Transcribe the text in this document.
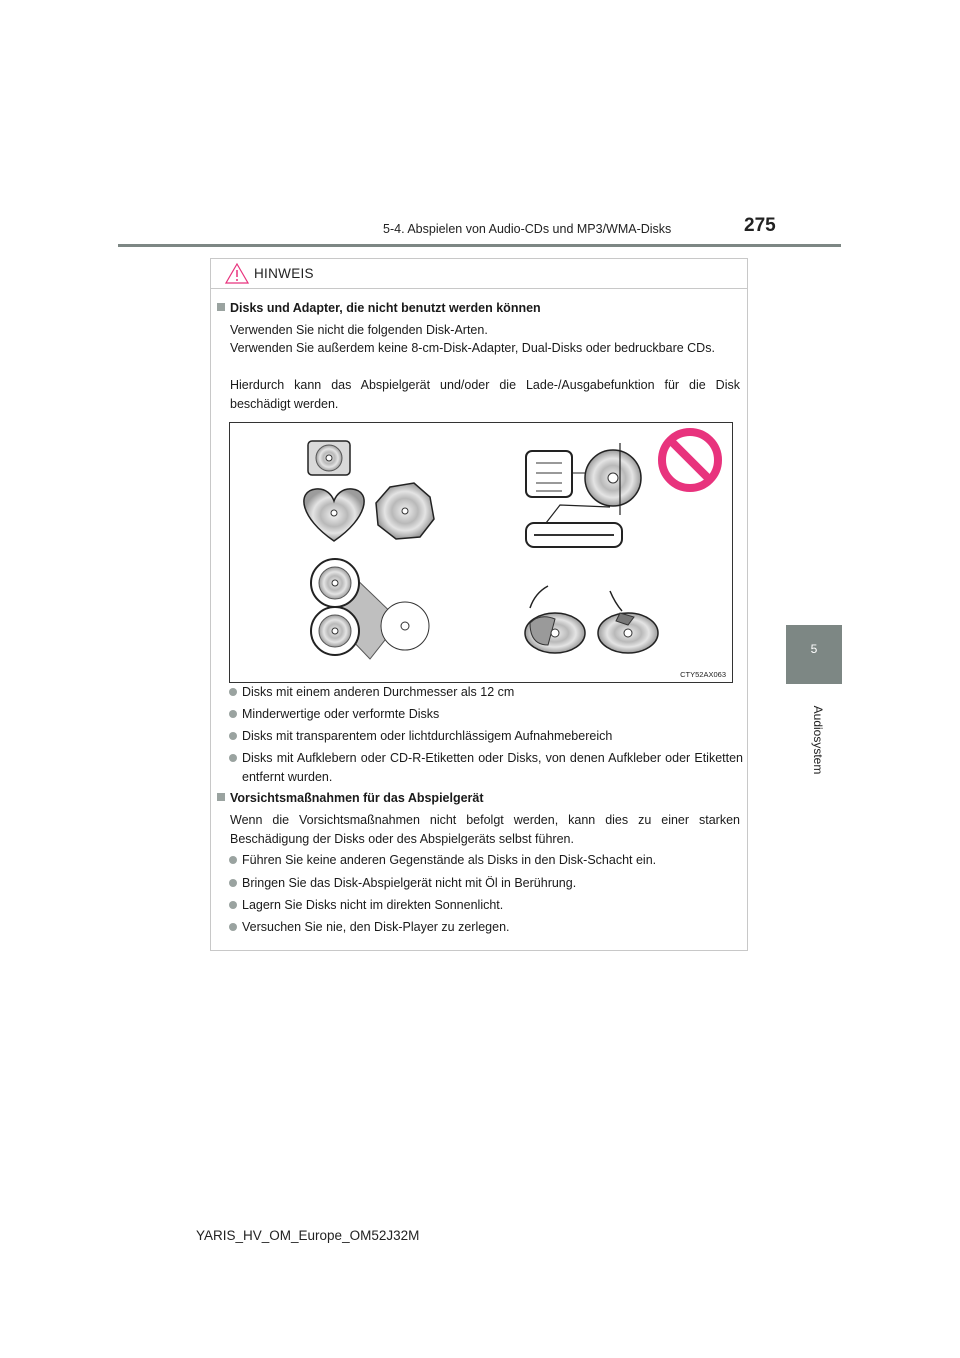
5-4. Abspielen von Audio-CDs und MP3/WMA-Disks	275
5
Audiosystem
HINWEIS
Disks und Adapter, die nicht benutzt werden können
Verwenden Sie nicht die folgenden Disk-Arten.
Verwenden Sie außerdem keine 8-cm-Disk-Adapter, Dual-Disks oder bedruckbare CDs.
Hierdurch kann das Abspielgerät und/oder die Lade-/Ausgabefunktion für die Disk beschädigt werden.
CTY52AX063
Disks mit einem anderen Durchmesser als 12 cm
Minderwertige oder verformte Disks
Disks mit transparentem oder lichtdurchlässigem Aufnahmebereich
Disks mit Aufklebern oder CD-R-Etiketten oder Disks, von denen Aufkleber oder Etiketten entfernt wurden.
Vorsichtsmaßnahmen für das Abspielgerät
Wenn die Vorsichtsmaßnahmen nicht befolgt werden, kann dies zu einer starken Beschädigung der Disks oder des Abspielgeräts selbst führen.
Führen Sie keine anderen Gegenstände als Disks in den Disk-Schacht ein.
Bringen Sie das Disk-Abspielgerät nicht mit Öl in Berührung.
Lagern Sie Disks nicht im direkten Sonnenlicht.
Versuchen Sie nie, den Disk-Player zu zerlegen.
YARIS_HV_OM_Europe_OM52J32M
